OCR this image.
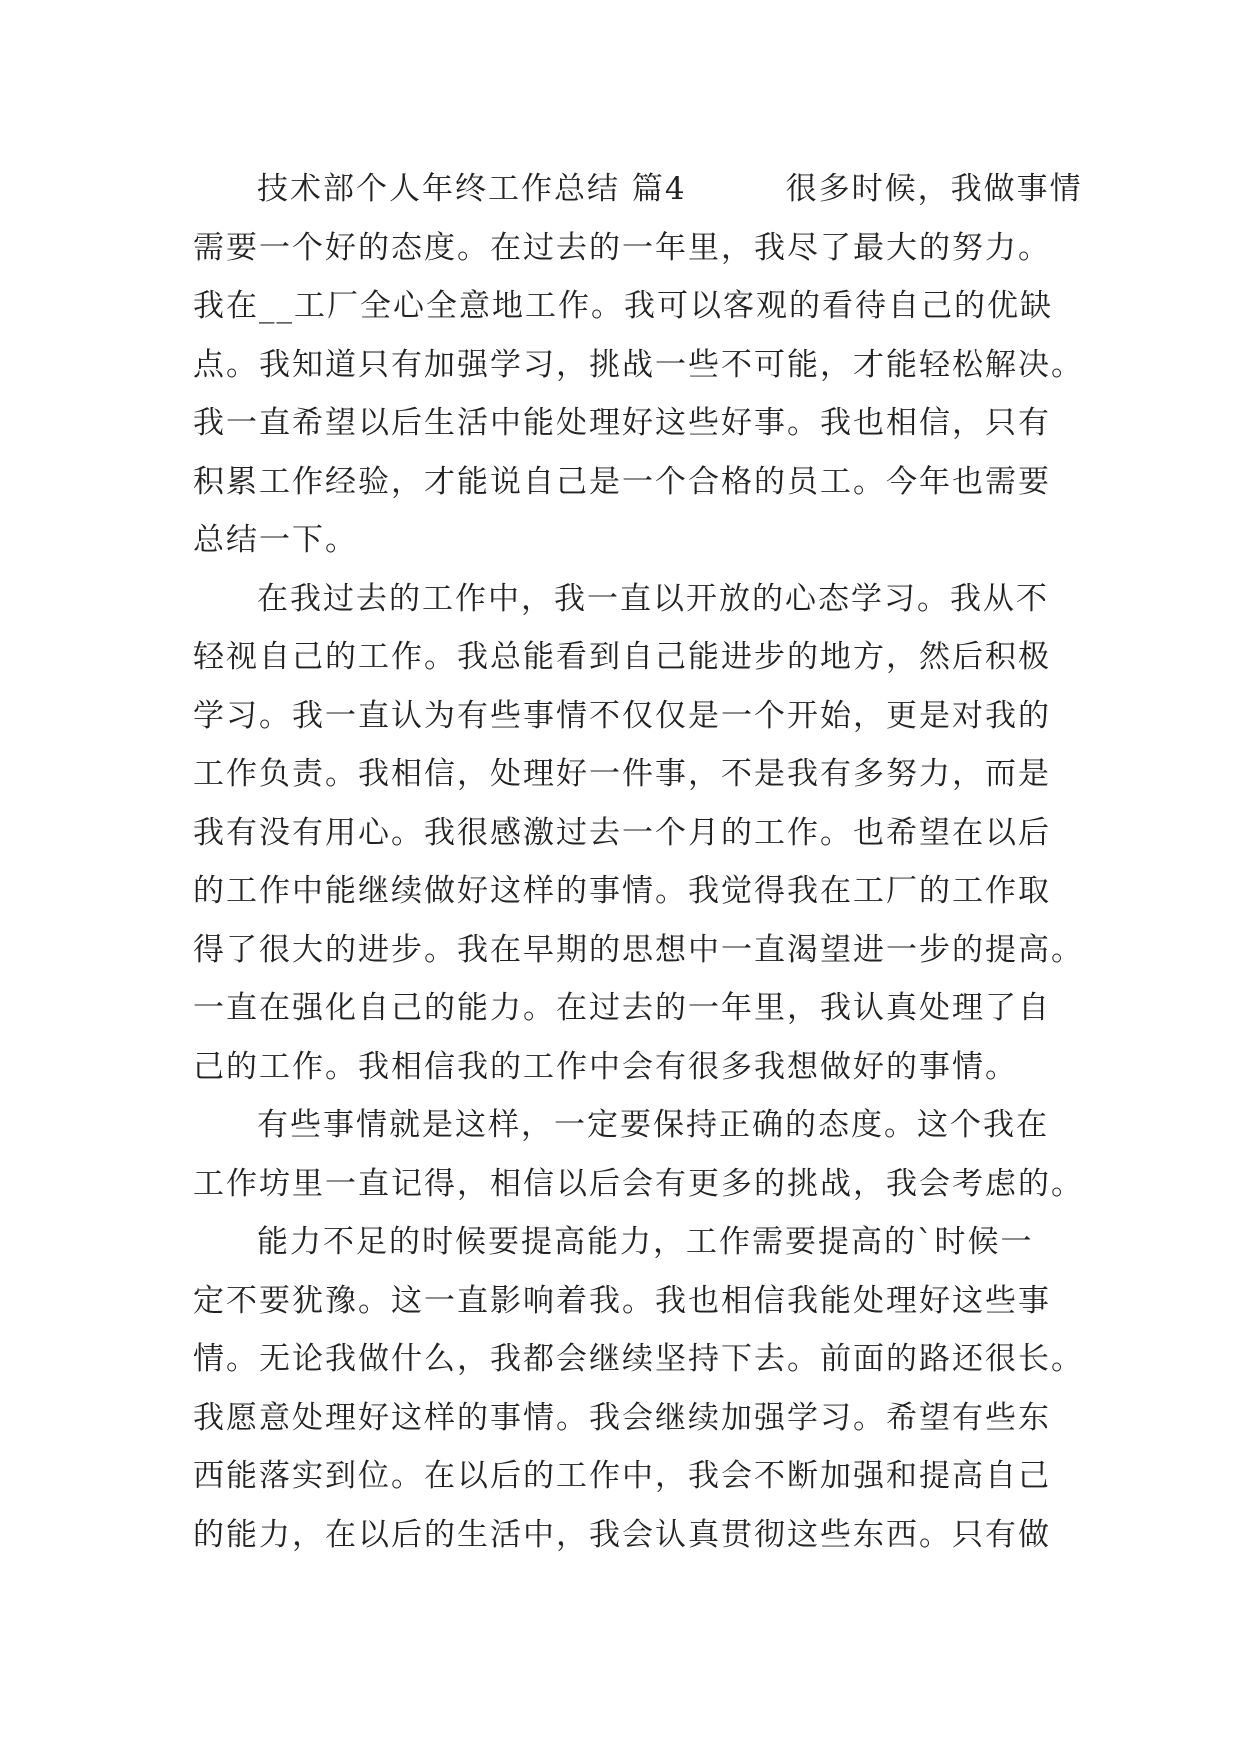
技术部个人年终工作总结 篇4　　　很多时候，我做事情
需要一个好的态度。在过去的一年里，我尽了最大的努力。
我在__工厂全心全意地工作。我可以客观的看待自己的优缺
点。我知道只有加强学习，挑战一些不可能，才能轻松解决。
我一直希望以后生活中能处理好这些好事。我也相信，只有
积累工作经验，才能说自己是一个合格的员工。今年也需要
总结一下。
在我过去的工作中，我一直以开放的心态学习。我从不
轻视自己的工作。我总能看到自己能进步的地方，然后积极
学习。我一直认为有些事情不仅仅是一个开始，更是对我的
工作负责。我相信，处理好一件事，不是我有多努力，而是
我有没有用心。我很感激过去一个月的工作。也希望在以后
的工作中能继续做好这样的事情。我觉得我在工厂的工作取
得了很大的进步。我在早期的思想中一直渴望进一步的提高。
一直在强化自己的能力。在过去的一年里，我认真处理了自
己的工作。我相信我的工作中会有很多我想做好的事情。
有些事情就是这样，一定要保持正确的态度。这个我在
工作坊里一直记得，相信以后会有更多的挑战，我会考虑的。
能力不足的时候要提高能力，工作需要提高的`时候一
定不要犹豫。这一直影响着我。我也相信我能处理好这些事
情。无论我做什么，我都会继续坚持下去。前面的路还很长。
我愿意处理好这样的事情。我会继续加强学习。希望有些东
西能落实到位。在以后的工作中，我会不断加强和提高自己
的能力，在以后的生活中，我会认真贯彻这些东西。只有做
